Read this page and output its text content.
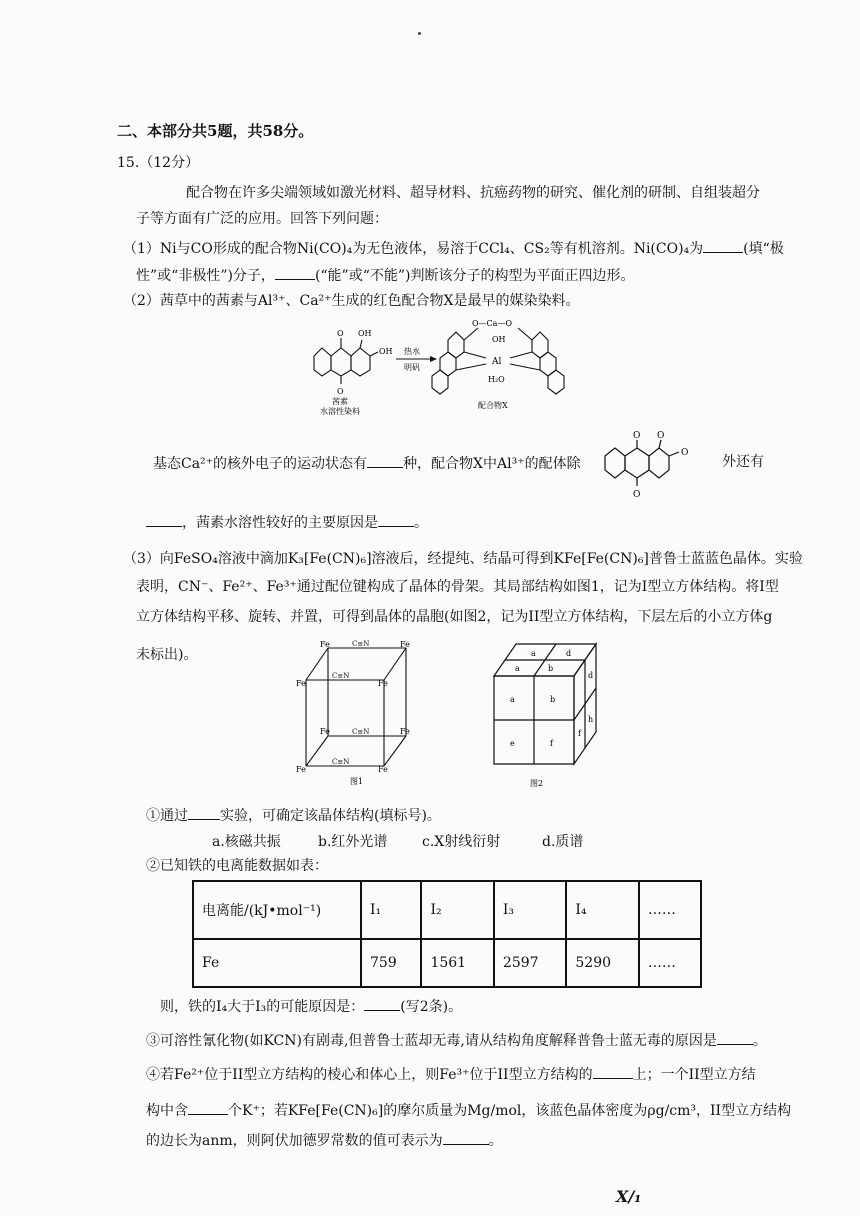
二、本部分共5题，共58分。
15.（12分）
配合物在许多尖端领域如激光材料、超导材料、抗癌药物的研究、催化剂的研制、自组装超分
子等方面有广泛的应用。回答下列问题：
（1）Ni与CO形成的配合物Ni(CO)₄为无色液体，易溶于CCl₄、CS₂等有机溶剂。Ni(CO)₄为	(填“极
性”或“非极性”)分子，	(“能”或“不能”)判断该分子的构型为平面正四边形。
（2）茜草中的茜素与Al³⁺、Ca²⁺生成的红色配合物X是最早的媒染染料。
O
O
OH
OH
茜素
水溶性染料
热水
明矾
O—Ca—O
OH
Al
H₂O
配合物X
基态Ca²⁺的核外电子的运动状态有	种，配合物X中Al³⁺的配体除
O
O
O
O
外还有
，茜素水溶性较好的主要原因是	。
（3）向FeSO₄溶液中滴加K₃[Fe(CN)₆]溶液后，经提纯、结晶可得到KFe[Fe(CN)₆]普鲁士蓝蓝色晶体。实验
表明，CN⁻、Fe²⁺、Fe³⁺通过配位键构成了晶体的骨架。其局部结构如图1，记为I型立方体结构。将I型
立方体结构平移、旋转、并置，可得到晶体的晶胞(如图2，记为II型立方体结构，下层左后的小立方体g
未标出)。
Fe	Fe
Fe	Fe
Fe	Fe
Fe	Fe
C≡N
C≡N
C≡N
C≡N
图1
a	d
a	b
a	b
d
e	f
f
h
图2
①通过 实验，可确定该晶体结构(填标号)。
a.核磁共振	b.红外光谱 c.X射线衍射	d.质谱
②已知铁的电离能数据如表：
电离能/(kJ•mol⁻¹)	I₁	I₂	I₃	I₄	……
Fe	759	1561	2597	5290	……
则，铁的I₄大于I₃的可能原因是：	(写2条)。
③可溶性氰化物(如KCN)有剧毒,但普鲁士蓝却无毒,请从结构角度解释普鲁士蓝无毒的原因是	。
④若Fe²⁺位于II型立方结构的棱心和体心上，则Fe³⁺位于II型立方结构的	上；一个II型立方结
构中含	个K⁺；若KFe[Fe(CN)₆]的摩尔质量为Mg/mol，该蓝色晶体密度为ρg/cm³，II型立方结构
的边长为anm，则阿伏加德罗常数的值可表示为	。
X/₁
